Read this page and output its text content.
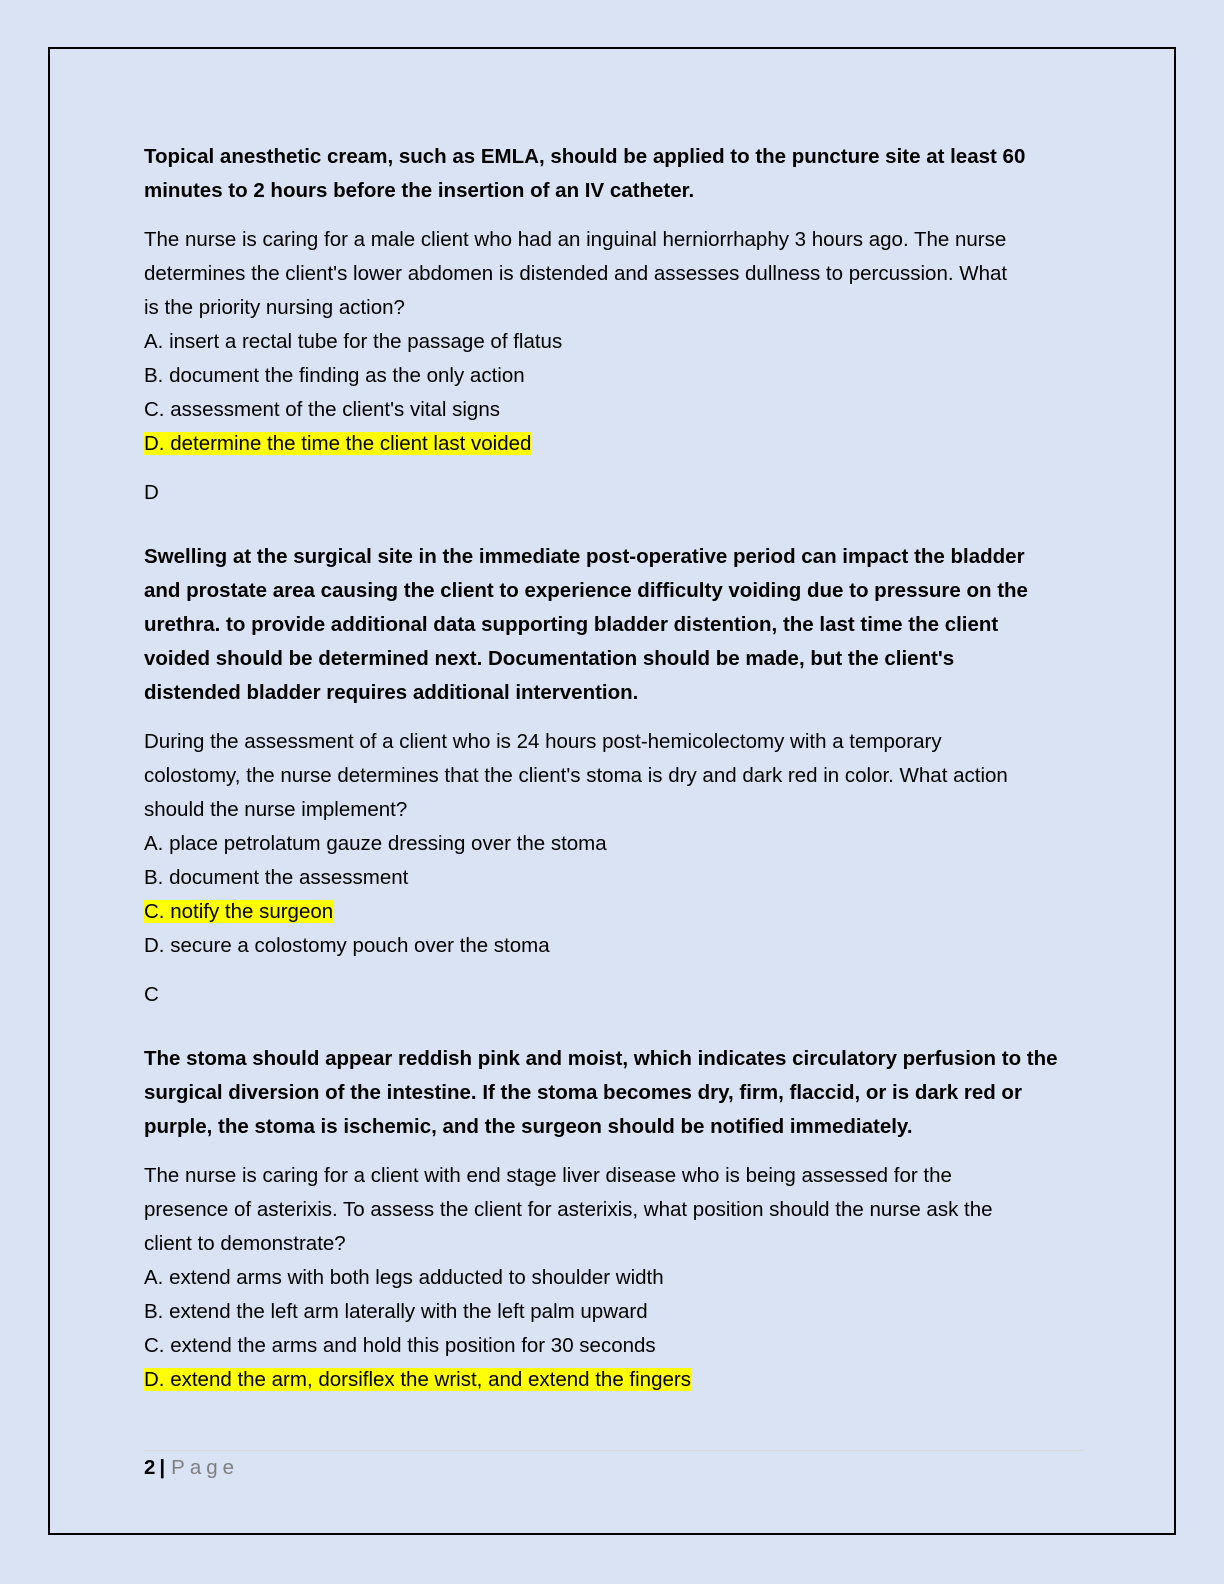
Topical anesthetic cream, such as EMLA, should be applied to the puncture site at least 60

minutes to 2 hours before the insertion of an IV catheter.

The nurse is caring for a male client who had an inguinal herniorrhaphy 3 hours ago. The nurse

determines the client's lower abdomen is distended and assesses dullness to percussion. What

is the priority nursing action?

A. insert a rectal tube for the passage of flatus

B. document the finding as the only action

C. assessment of the client's vital signs

D. determine the time the client last voided

D

Swelling at the surgical site in the immediate post-operative period can impact the bladder

and prostate area causing the client to experience difficulty voiding due to pressure on the

urethra. to provide additional data supporting bladder distention, the last time the client

voided should be determined next. Documentation should be made, but the client's

distended bladder requires additional intervention.

During the assessment of a client who is 24 hours post-hemicolectomy with a temporary

colostomy, the nurse determines that the client's stoma is dry and dark red in color. What action

should the nurse implement?

A. place petrolatum gauze dressing over the stoma

B. document the assessment

C. notify the surgeon

D. secure a colostomy pouch over the stoma

C

The stoma should appear reddish pink and moist, which indicates circulatory perfusion to the

surgical diversion of the intestine. If the stoma becomes dry, firm, flaccid, or is dark red or

purple, the stoma is ischemic, and the surgeon should be notified immediately.

The nurse is caring for a client with end stage liver disease who is being assessed for the

presence of asterixis. To assess the client for asterixis, what position should the nurse ask the

client to demonstrate?

A. extend arms with both legs adducted to shoulder width

B. extend the left arm laterally with the left palm upward

C. extend the arms and hold this position for 30 seconds

D. extend the arm, dorsiflex the wrist, and extend the fingers

2 | Page
